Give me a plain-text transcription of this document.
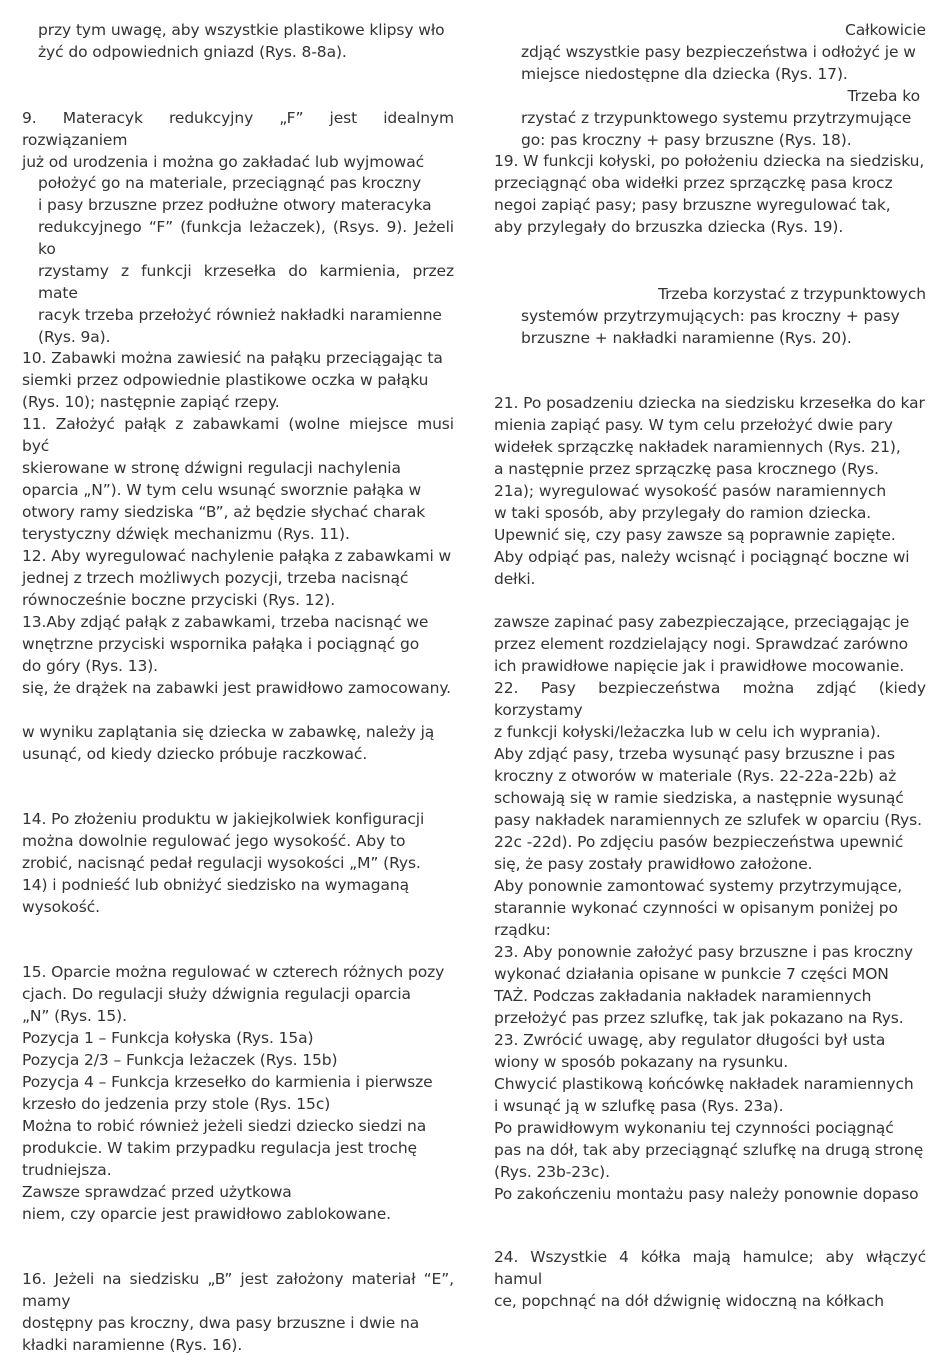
przy tym uwagę, aby wszystkie plastikowe klipsy wło
żyć do odpowiednich gniazd (Rys. 8-8a).

9. Materacyk redukcyjny „F” jest idealnym rozwiązaniem
już od urodzenia i można go zakładać lub wyjmować

położyć go na materiale, przeciągnąć pas kroczny
i pasy brzuszne przez podłużne otwory materacyka
redukcyjnego “F” (funkcja leżaczek), (Rsys. 9). Jeżeli ko
rzystamy z funkcji krzesełka do karmienia, przez mate
racyk trzeba przełożyć również nakładki naramienne
(Rys. 9a).

10. Zabawki można zawiesić na pałąku przeciągając ta
siemki przez odpowiednie plastikowe oczka w pałąku
(Rys. 10); następnie zapiąć rzepy.
11. Założyć pałąk z zabawkami (wolne miejsce musi być
skierowane w stronę dźwigni regulacji nachylenia
oparcia „N”). W tym celu wsunąć sworznie pałąka w
otwory ramy siedziska “B”, aż będzie słychać charak
terystyczny dźwięk mechanizmu (Rys. 11).
12. Aby wyregulować nachylenie pałąka z zabawkami w
jednej z trzech możliwych pozycji, trzeba nacisnąć
równocześnie boczne przyciski (Rys. 12).
13.Aby zdjąć pałąk z zabawkami, trzeba nacisnąć we
wnętrzne przyciski wspornika pałąka i pociągnąć go
do góry (Rys. 13).

się, że drążek na zabawki jest prawidłowo zamocowany.

w wyniku zaplątania się dziecka w zabawkę, należy ją
usunąć, od kiedy dziecko próbuje raczkować.

14. Po złożeniu produktu w jakiejkolwiek konfiguracji
można dowolnie regulować jego wysokość. Aby to
zrobić, nacisnąć pedał regulacji wysokości „M” (Rys.
14) i podnieść lub obniżyć siedzisko na wymaganą
wysokość.

15. Oparcie można regulować w czterech różnych pozy
cjach. Do regulacji służy dźwignia regulacji oparcia
„N” (Rys. 15).
Pozycja 1 – Funkcja kołyska (Rys. 15a)
Pozycja 2/3 – Funkcja leżaczek (Rys. 15b)
Pozycja 4 – Funkcja krzesełko do karmienia i pierwsze
krzesło do jedzenia przy stole (Rys. 15c)
Można to robić również jeżeli siedzi dziecko siedzi na
produkcie. W takim przypadku regulacja jest trochę
trudniejsza.

Zawsze sprawdzać przed użytkowa
niem, czy oparcie jest prawidłowo zablokowane.

16. Jeżeli na siedzisku „B” jest założony materiał “E”, mamy
dostępny pas kroczny, dwa pasy brzuszne i dwie na
kładki naramienne (Rys. 16).

Całkowicie

zdjąć wszystkie pasy bezpieczeństwa i odłożyć je w
miejsce niedostępne dla dziecka (Rys. 17).

Trzeba ko

rzystać z trzypunktowego systemu przytrzymujące
go: pas kroczny + pasy brzuszne (Rys. 18).

19. W funkcji kołyski, po położeniu dziecka na siedzisku,
przeciągnąć oba widełki przez sprzączkę pasa krocz
negoi zapiąć pasy; pasy brzuszne wyregulować tak,
aby przylegały do brzuszka dziecka (Rys. 19).

Trzeba korzystać z trzypunktowych

systemów przytrzymujących: pas kroczny + pasy
brzuszne + nakładki naramienne (Rys. 20).

21. Po posadzeniu dziecka na siedzisku krzesełka do kar
mienia zapiąć pasy. W tym celu przełożyć dwie pary
widełek sprzączkę nakładek naramiennych (Rys. 21),
a następnie przez sprzączkę pasa krocznego (Rys.
21a); wyregulować wysokość pasów naramiennych
w taki sposób, aby przylegały do ramion dziecka.
Upewnić się, czy pasy zawsze są poprawnie zapięte.
Aby odpiąć pas, należy wcisnąć i pociągnąć boczne wi
dełki.

zawsze zapinać pasy zabezpieczające, przeciągając je
przez element rozdzielający nogi. Sprawdzać zarówno
ich prawidłowe napięcie jak i prawidłowe mocowanie.
22. Pasy bezpieczeństwa można zdjąć (kiedy korzystamy
z funkcji kołyski/leżaczka lub w celu ich wyprania).
Aby zdjąć pasy, trzeba wysunąć pasy brzuszne i pas
kroczny z otworów w materiale (Rys. 22-22a-22b) aż
schowają się w ramie siedziska, a następnie wysunąć
pasy nakładek naramiennych ze szlufek w oparciu (Rys.
22c -22d). Po zdjęciu pasów bezpieczeństwa upewnić
się, że pasy zostały prawidłowo założone.
Aby ponownie zamontować systemy przytrzymujące,
starannie wykonać czynności w opisanym poniżej po
rządku:
23. Aby ponownie założyć pasy brzuszne i pas kroczny
wykonać działania opisane w punkcie 7 części MON
TAŻ. Podczas zakładania nakładek naramiennych
przełożyć pas przez szlufkę, tak jak pokazano na Rys.
23. Zwrócić uwagę, aby regulator długości był usta
wiony w sposób pokazany na rysunku.
Chwycić plastikową końcówkę nakładek naramiennych
i wsunąć ją w szlufkę pasa (Rys. 23a).
Po prawidłowym wykonaniu tej czynności pociągnąć
pas na dół, tak aby przeciągnąć szlufkę na drugą stronę
(Rys. 23b-23c).
Po zakończeniu montażu pasy należy ponownie dopaso

24. Wszystkie 4 kółka mają hamulce; aby włączyć hamul
ce, popchnąć na dół dźwignię widoczną na kółkach
